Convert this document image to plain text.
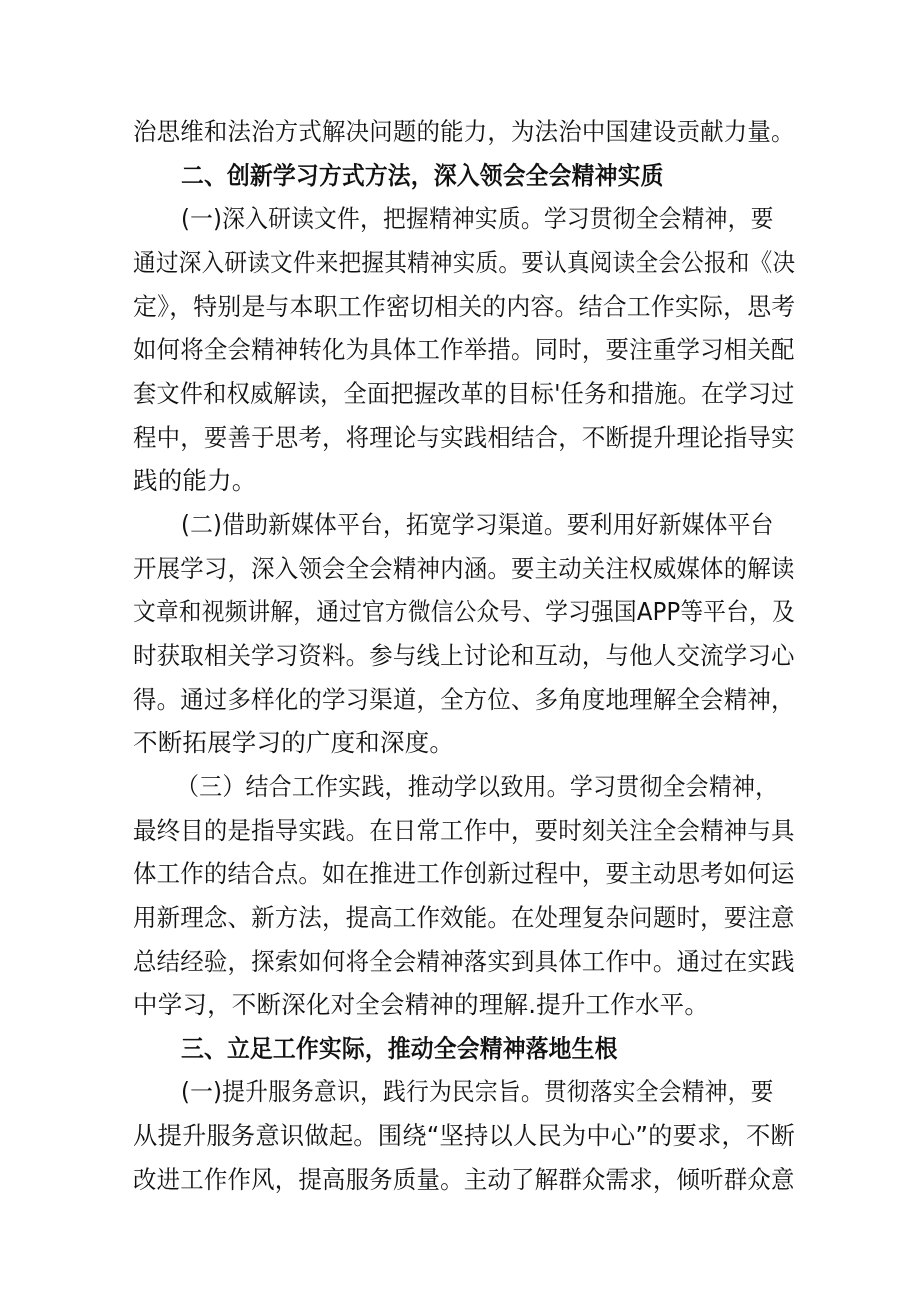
治思维和法治方式解决问题的能力，为法治中国建设贡献力量。
二、创新学习方式方法，深入领会全会精神实质
(一)深入研读文件，把握精神实质。学习贯彻全会精神，要
通过深入研读文件来把握其精神实质。要认真阅读全会公报和《决
定》，特别是与本职工作密切相关的内容。结合工作实际，思考
如何将全会精神转化为具体工作举措。同时，要注重学习相关配
套文件和权威解读，全面把握改革的目标'任务和措施。在学习过
程中，要善于思考，将理论与实践相结合，不断提升理论指导实
践的能力。
(二)借助新媒体平台，拓宽学习渠道。要利用好新媒体平台
开展学习，深入领会全会精神内涵。要主动关注权威媒体的解读
文章和视频讲解，通过官方微信公众号、学习强国APP等平台，及
时获取相关学习资料。参与线上讨论和互动，与他人交流学习心
得。通过多样化的学习渠道，全方位、多角度地理解全会精神，
不断拓展学习的广度和深度。
（三）结合工作实践，推动学以致用。学习贯彻全会精神，
最终目的是指导实践。在日常工作中，要时刻关注全会精神与具
体工作的结合点。如在推进工作创新过程中，要主动思考如何运
用新理念、新方法，提高工作效能。在处理复杂问题时，要注意
总结经验，探索如何将全会精神落实到具体工作中。通过在实践
中学习，不断深化对全会精神的理解.提升工作水平。
三、立足工作实际，推动全会精神落地生根
(一)提升服务意识，践行为民宗旨。贯彻落实全会精神，要
从提升服务意识做起。围绕“坚持以人民为中心”的要求，不断
改进工作作风，提高服务质量。主动了解群众需求，倾听群众意
